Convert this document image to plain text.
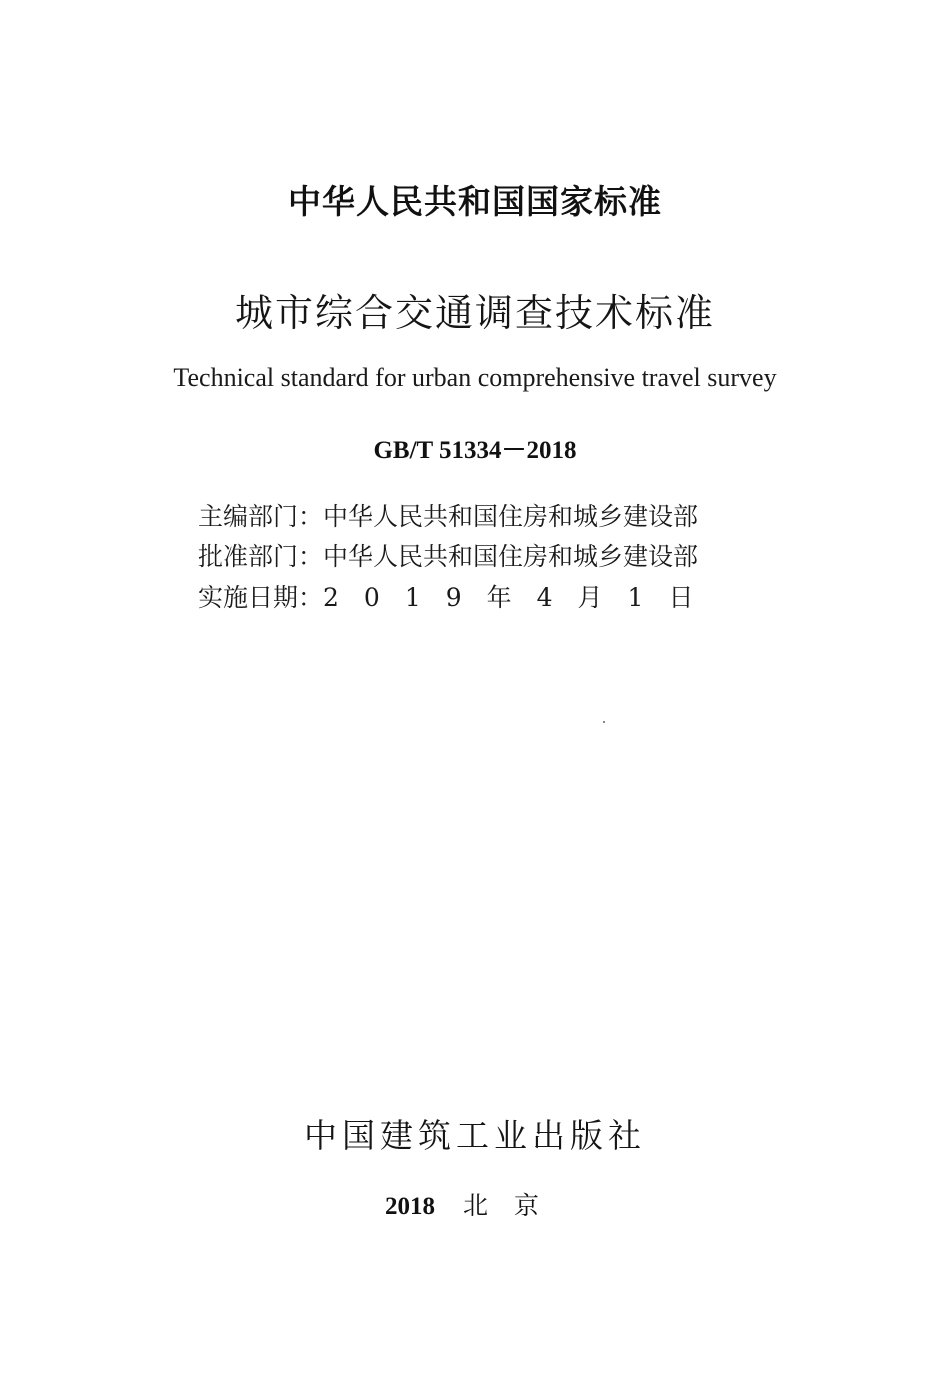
中华人民共和国国家标准
城市综合交通调查技术标准
Technical standard for urban comprehensive travel survey
GB/T 51334－2018
主编部门：中华人民共和国住房和城乡建设部
批准部门：中华人民共和国住房和城乡建设部
实施日期：2019年4月1日
中国建筑工业出版社
2018 北京
